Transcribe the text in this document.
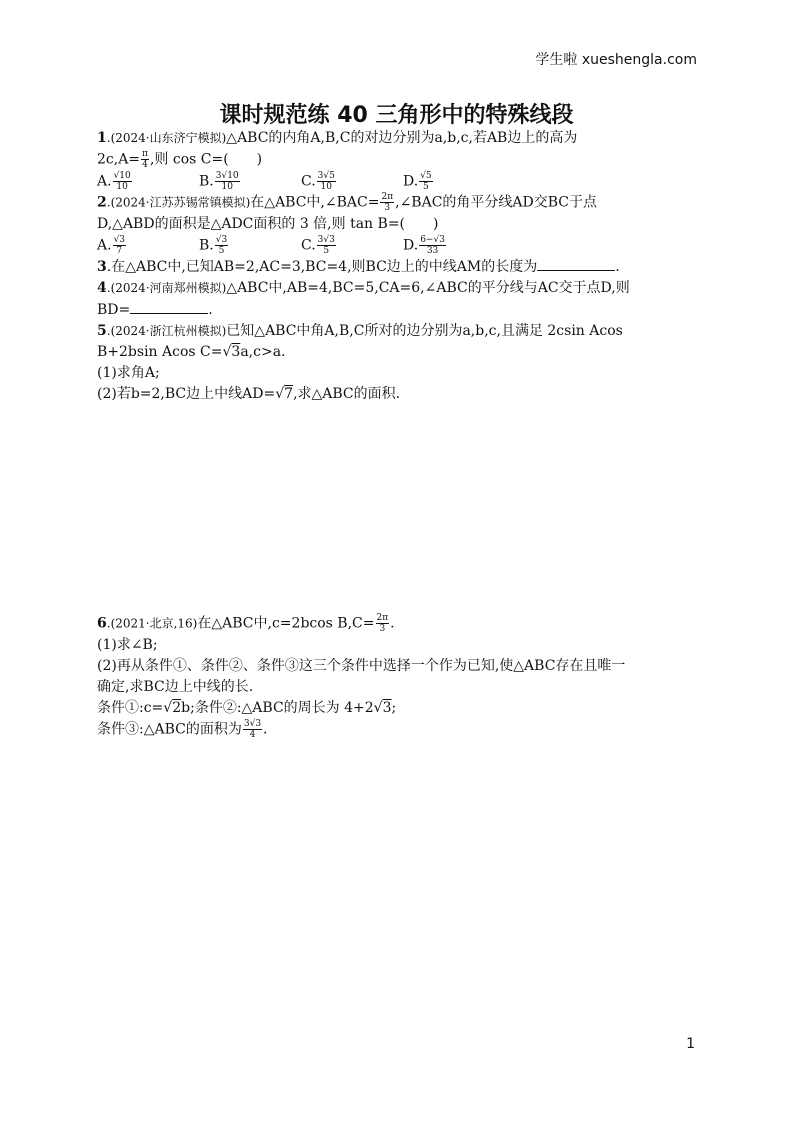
学生啦 xueshengla.com
课时规范练 40 三角形中的特殊线段

1.(2024·山东济宁模拟)△ABC的内角A,B,C的对边分别为a,b,c,若AB边上的高为

$2c,A= \frac{\pi}{4}$ ,则 cos C=(　　)

A. $\frac{√10}{10}$	B. $\frac{3√10}{10}$	C. $\frac{3√5}{10}$	D. $\frac{√5}{5}$

2.(2024·江苏苏锡常镇模拟)在△ABC中,∠BAC= $\frac{2\pi}{3}$ ,∠BAC的角平分线AD交BC于点

D,△ABD的面积是△ADC面积的 3 倍,则 tan B=(　　)

A. $\frac{√3}{7}$	B. $\frac{√3}{5}$	C. $\frac{3√3}{5}$	D. $\frac{6-√3}{33}$

3.在△ABC中,已知AB=2,AC=3,BC=4,则BC边上的中线AM的长度为	.

4.(2024·河南郑州模拟)△ABC中,AB=4,BC=5,CA=6,∠ABC的平分线与AC交于点D,则

BD=	.

5.(2024·浙江杭州模拟)已知△ABC中角A,B,C所对的边分别为a,b,c,且满足 2csin Acos

B+2bsin Acos C=√3a,c>a.

(1)求角A;

(2)若b=2,BC边上中线AD=√7,求△ABC的面积.

6.(2021·北京,16)在△ABC中,c=2bcos $B,C= \frac{2\pi}{3}$ .

(1)求∠B;

(2)再从条件①、条件②、条件③这三个条件中选择一个作为已知,使△ABC存在且唯一

确定,求BC边上中线的长.

条件①:c=√2b;条件②:△ABC的周长为 4+2√3;

条件③:△ABC的面积为 $\frac{3√3}{4}$ .

1
